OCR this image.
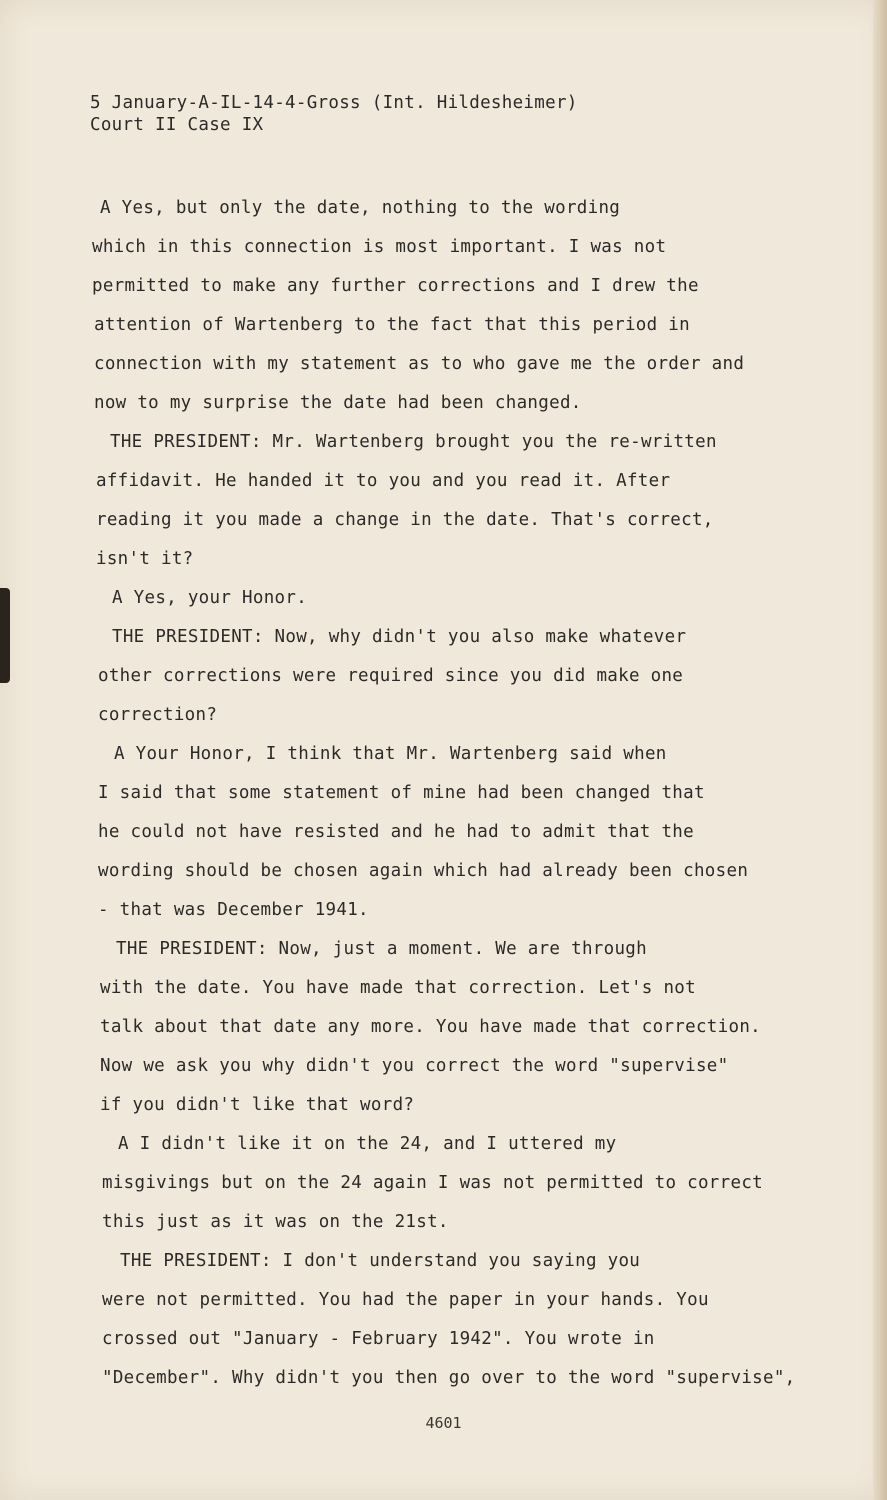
5 January-A-IL-14-4-Gross (Int. Hildesheimer)
Court II Case IX
A Yes, but only the date, nothing to the wording
which in this connection is most important. I was not
permitted to make any further corrections and I drew the
attention of Wartenberg to the fact that this period in
connection with my statement as to who gave me the order and
now to my surprise the date had been changed.
THE PRESIDENT: Mr. Wartenberg brought you the re-written
affidavit. He handed it to you and you read it. After
reading it you made a change in the date. That's correct,
isn't it?
A Yes, your Honor.
THE PRESIDENT: Now, why didn't you also make whatever
other corrections were required since you did make one
correction?
A Your Honor, I think that Mr. Wartenberg said when
I said that some statement of mine had been changed that
he could not have resisted and he had to admit that the
wording should be chosen again which had already been chosen
- that was December 1941.
THE PRESIDENT: Now, just a moment. We are through
with the date. You have made that correction. Let's not
talk about that date any more. You have made that correction.
Now we ask you why didn't you correct the word "supervise"
if you didn't like that word?
A I didn't like it on the 24, and I uttered my
misgivings but on the 24 again I was not permitted to correct
this just as it was on the 21st.
THE PRESIDENT: I don't understand you saying you
were not permitted. You had the paper in your hands. You
crossed out "January - February 1942". You wrote in
"December". Why didn't you then go over to the word "supervise",
4601
